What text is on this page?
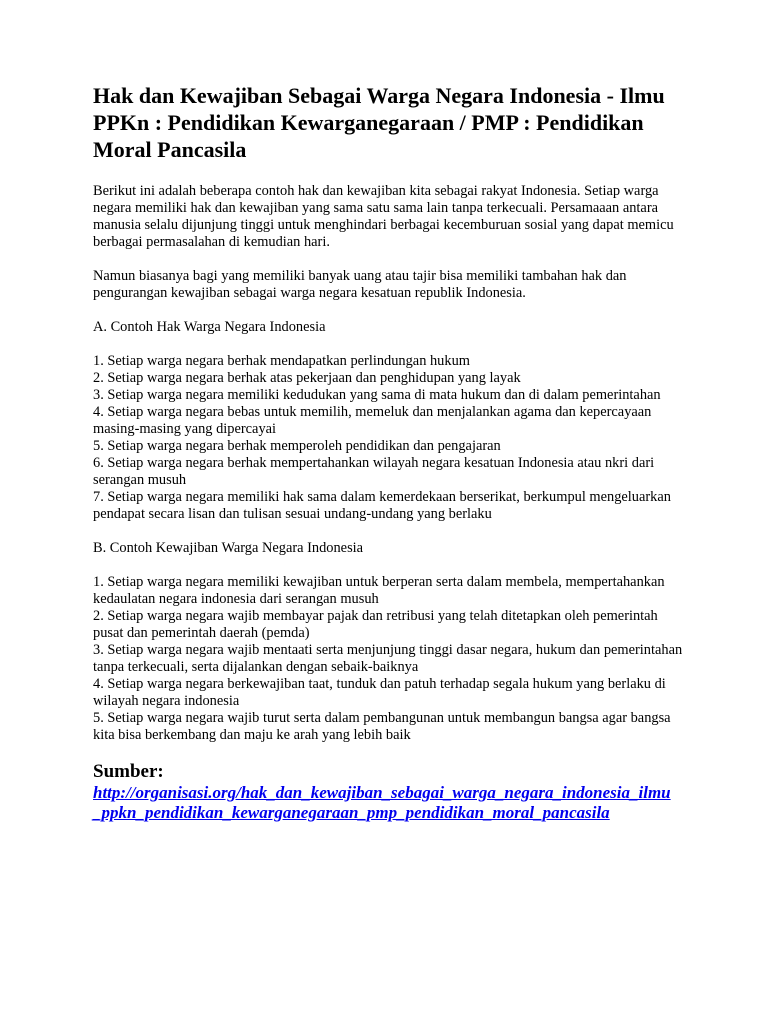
Hak dan Kewajiban Sebagai Warga Negara Indonesia - Ilmu PPKn : Pendidikan Kewarganegaraan / PMP : Pendidikan Moral Pancasila

Berikut ini adalah beberapa contoh hak dan kewajiban kita sebagai rakyat Indonesia. Setiap warga negara memiliki hak dan kewajiban yang sama satu sama lain tanpa terkecuali. Persamaaan antara manusia selalu dijunjung tinggi untuk menghindari berbagai kecemburuan sosial yang dapat memicu berbagai permasalahan di kemudian hari.

Namun biasanya bagi yang memiliki banyak uang atau tajir bisa memiliki tambahan hak dan pengurangan kewajiban sebagai warga negara kesatuan republik Indonesia.

A. Contoh Hak Warga Negara Indonesia

1. Setiap warga negara berhak mendapatkan perlindungan hukum
2. Setiap warga negara berhak atas pekerjaan dan penghidupan yang layak
3. Setiap warga negara memiliki kedudukan yang sama di mata hukum dan di dalam pemerintahan
4. Setiap warga negara bebas untuk memilih, memeluk dan menjalankan agama dan kepercayaan masing-masing yang dipercayai
5. Setiap warga negara berhak memperoleh pendidikan dan pengajaran
6. Setiap warga negara berhak mempertahankan wilayah negara kesatuan Indonesia atau nkri dari serangan musuh
7. Setiap warga negara memiliki hak sama dalam kemerdekaan berserikat, berkumpul mengeluarkan pendapat secara lisan dan tulisan sesuai undang-undang yang berlaku

B. Contoh Kewajiban Warga Negara Indonesia

1. Setiap warga negara memiliki kewajiban untuk berperan serta dalam membela, mempertahankan kedaulatan negara indonesia dari serangan musuh
2. Setiap warga negara wajib membayar pajak dan retribusi yang telah ditetapkan oleh pemerintah pusat dan pemerintah daerah (pemda)
3. Setiap warga negara wajib mentaati serta menjunjung tinggi dasar negara, hukum dan pemerintahan tanpa terkecuali, serta dijalankan dengan sebaik-baiknya
4. Setiap warga negara berkewajiban taat, tunduk dan patuh terhadap segala hukum yang berlaku di wilayah negara indonesia
5. Setiap warga negara wajib turut serta dalam pembangunan untuk membangun bangsa agar bangsa kita bisa berkembang dan maju ke arah yang lebih baik

Sumber:

http://organisasi.org/hak_dan_kewajiban_sebagai_warga_negara_indonesia_ilmu_ppkn_pendidikan_kewarganegaraan_pmp_pendidikan_moral_pancasila
